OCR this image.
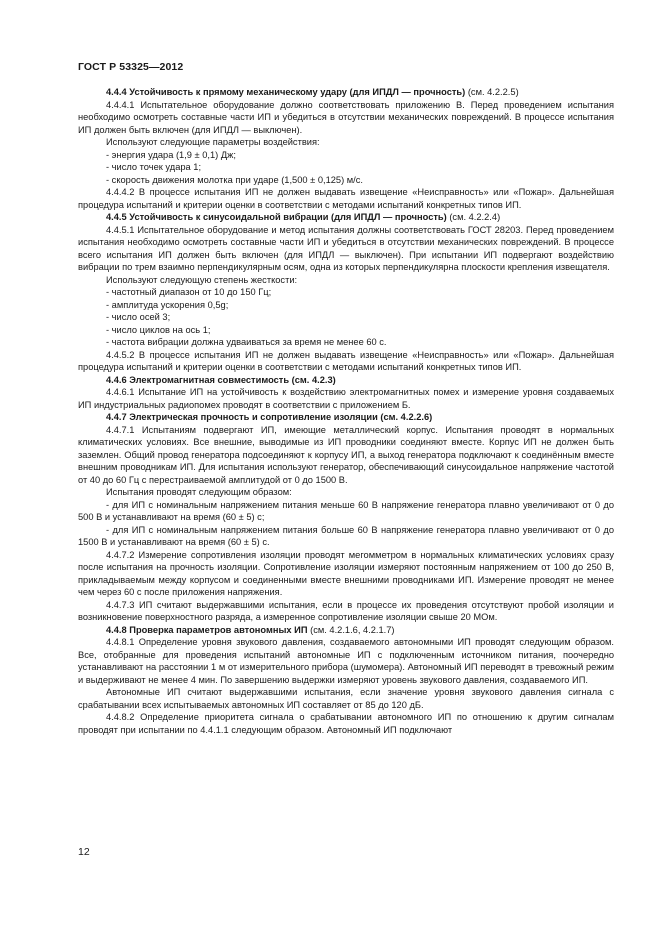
ГОСТ Р 53325—2012

4.4.4 Устойчивость к прямому механическому удару (для ИПДЛ — прочность) (см. 4.2.2.5)

4.4.4.1 Испытательное оборудование должно соответствовать приложению В. Перед проведением испытания необходимо осмотреть составные части ИП и убедиться в отсутствии механических повреждений. В процессе испытания ИП должен быть включен (для ИПДЛ — выключен).

Используют следующие параметры воздействия:

- энергия удара (1,9 ± 0,1) Дж;

- число точек удара 1;

- скорость движения молотка при ударе (1,500 ± 0,125) м/с.

4.4.4.2 В процессе испытания ИП не должен выдавать извещение «Неисправность» или «Пожар». Дальнейшая процедура испытаний и критерии оценки в соответствии с методами испытаний конкретных типов ИП.

4.4.5 Устойчивость к синусоидальной вибрации (для ИПДЛ — прочность) (см. 4.2.2.4)

4.4.5.1 Испытательное оборудование и метод испытания должны соответствовать ГОСТ 28203. Перед проведением испытания необходимо осмотреть составные части ИП и убедиться в отсутствии механических повреждений. В процессе всего испытания ИП должен быть включен (для ИПДЛ — выключен). При испытании ИП подвергают воздействию вибрации по трем взаимно перпендикулярным осям, одна из которых перпендикулярна плоскости крепления извещателя.

Используют следующую степень жесткости:

- частотный диапазон от 10 до 150 Гц;

- амплитуда ускорения 0,5g;

- число осей 3;

- число циклов на ось 1;

- частота вибрации должна удваиваться за время не менее 60 с.

4.4.5.2 В процессе испытания ИП не должен выдавать извещение «Неисправность» или «Пожар». Дальнейшая процедура испытаний и критерии оценки в соответствии с методами испытаний конкретных типов ИП.

4.4.6 Электромагнитная совместимость (см. 4.2.3)

4.4.6.1 Испытание ИП на устойчивость к воздействию электромагнитных помех и измерение уровня создаваемых ИП индустриальных радиопомех проводят в соответствии с приложением Б.

4.4.7 Электрическая прочность и сопротивление изоляции (см. 4.2.2.6)

4.4.7.1 Испытаниям подвергают ИП, имеющие металлический корпус. Испытания проводят в нормальных климатических условиях. Все внешние, выводимые из ИП проводники соединяют вместе. Корпус ИП не должен быть заземлен. Общий провод генератора подсоединяют к корпусу ИП, а выход генератора подключают к соединённым вместе внешним проводникам ИП. Для испытания используют генератор, обеспечивающий синусоидальное напряжение частотой от 40 до 60 Гц с перестраиваемой амплитудой от 0 до 1500 В.

Испытания проводят следующим образом:

- для ИП с номинальным напряжением питания меньше 60 В напряжение генератора плавно увеличивают от 0 до 500 В и устанавливают на время (60 ± 5) с;

- для ИП с номинальным напряжением питания больше 60 В напряжение генератора плавно увеличивают от 0 до 1500 В и устанавливают на время (60 ± 5) с.

4.4.7.2 Измерение сопротивления изоляции проводят мегомметром в нормальных климатических условиях сразу после испытания на прочность изоляции. Сопротивление изоляции измеряют постоянным напряжением от 100 до 250 В, прикладываемым между корпусом и соединенными вместе внешними проводниками ИП. Измерение проводят не менее чем через 60 с после приложения напряжения.

4.4.7.3 ИП считают выдержавшими испытания, если в процессе их проведения отсутствуют пробой изоляции и возникновение поверхностного разряда, а измеренное сопротивление изоляции свыше 20 МОм.

4.4.8 Проверка параметров автономных ИП (см. 4.2.1.6, 4.2.1.7)

4.4.8.1 Определение уровня звукового давления, создаваемого автономными ИП проводят следующим образом. Все, отобранные для проведения испытаний автономные ИП с подключенным источником питания, поочередно устанавливают на расстоянии 1 м от измерительного прибора (шумомера). Автономный ИП переводят в тревожный режим и выдерживают не менее 4 мин. По завершению выдержки измеряют уровень звукового давления, создаваемого ИП.

Автономные ИП считают выдержавшими испытания, если значение уровня звукового давления сигнала с срабатывании всех испытываемых автономных ИП составляет от 85 до 120 дБ.

4.4.8.2 Определение приоритета сигнала о срабатывании автономного ИП по отношению к другим сигналам проводят при испытании по 4.4.1.1 следующим образом. Автономный ИП подключают

12
